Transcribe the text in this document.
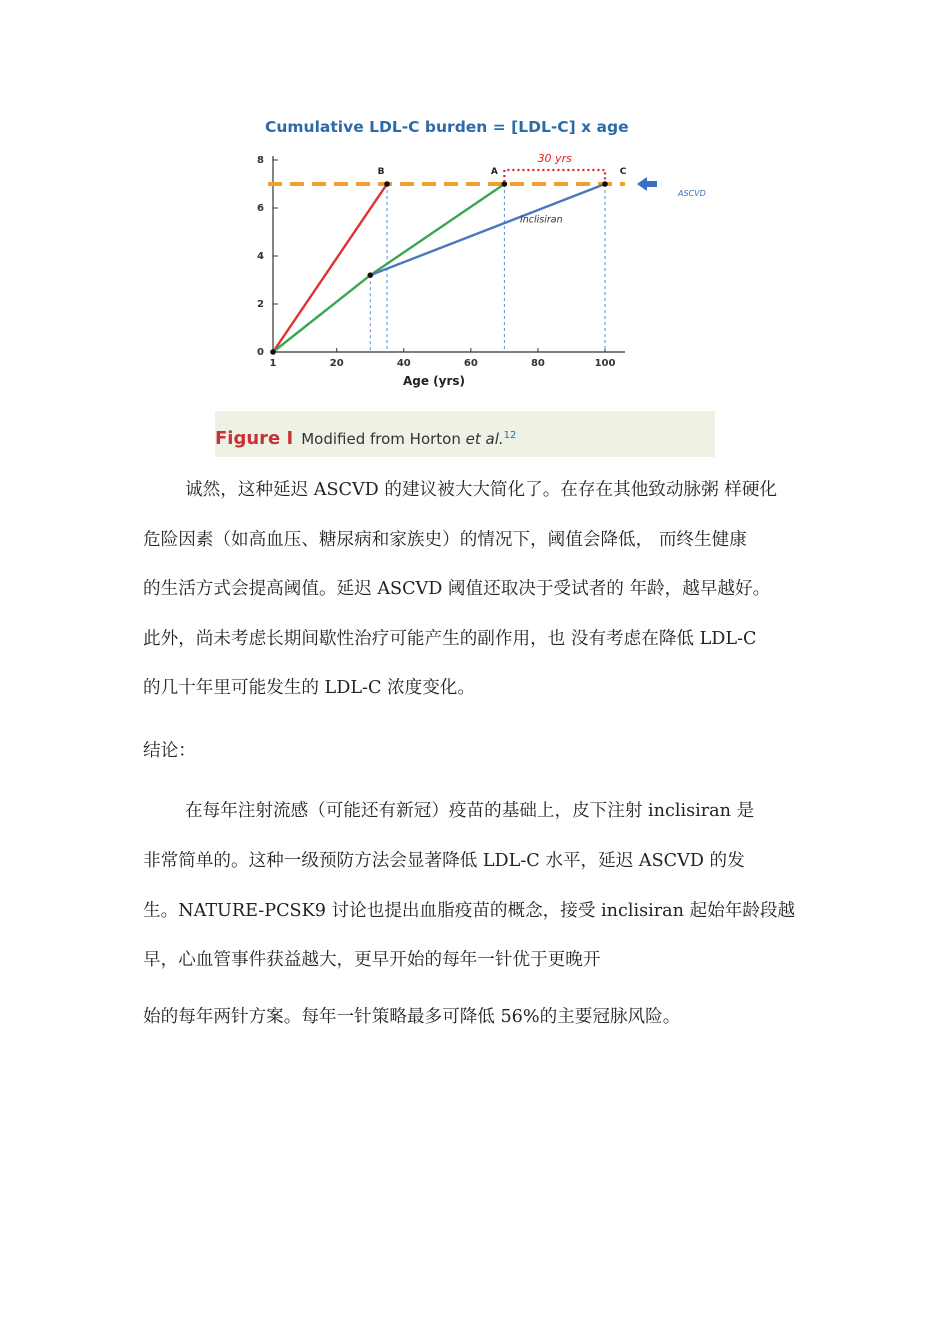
Cumulative LDL-C burden = [LDL-C] x age
1	20	40	60	80	100
0
2
4
6
8
Age (yrs)
ASCVD
Inclisiran
B	A	C
30 yrs
Figure I Modified from Horton et al.$^{12}$
诚然，这种延迟 ASCVD 的建议被大大简化了。在存在其他致动脉粥 样硬化
危险因素（如高血压、糖尿病和家族史）的情况下，阈值会降低， 而终生健康
的生活方式会提高阈值。延迟 ASCVD 阈值还取决于受试者的 年龄，越早越好。
此外，尚未考虑长期间歇性治疗可能产生的副作用，也 没有考虑在降低 LDL-C
的几十年里可能发生的 LDL-C 浓度变化。
结论：
在每年注射流感（可能还有新冠）疫苗的基础上，皮下注射 inclisiran 是
非常简单的。这种一级预防方法会显著降低 LDL-C 水平，延迟 ASCVD 的发
生。NATURE-PCSK9 讨论也提出血脂疫苗的概念，接受 inclisiran 起始年龄段越
早，心血管事件获益越大，更早开始的每年一针优于更晚开
始的每年两针方案。每年一针策略最多可降低 56%的主要冠脉风险。
